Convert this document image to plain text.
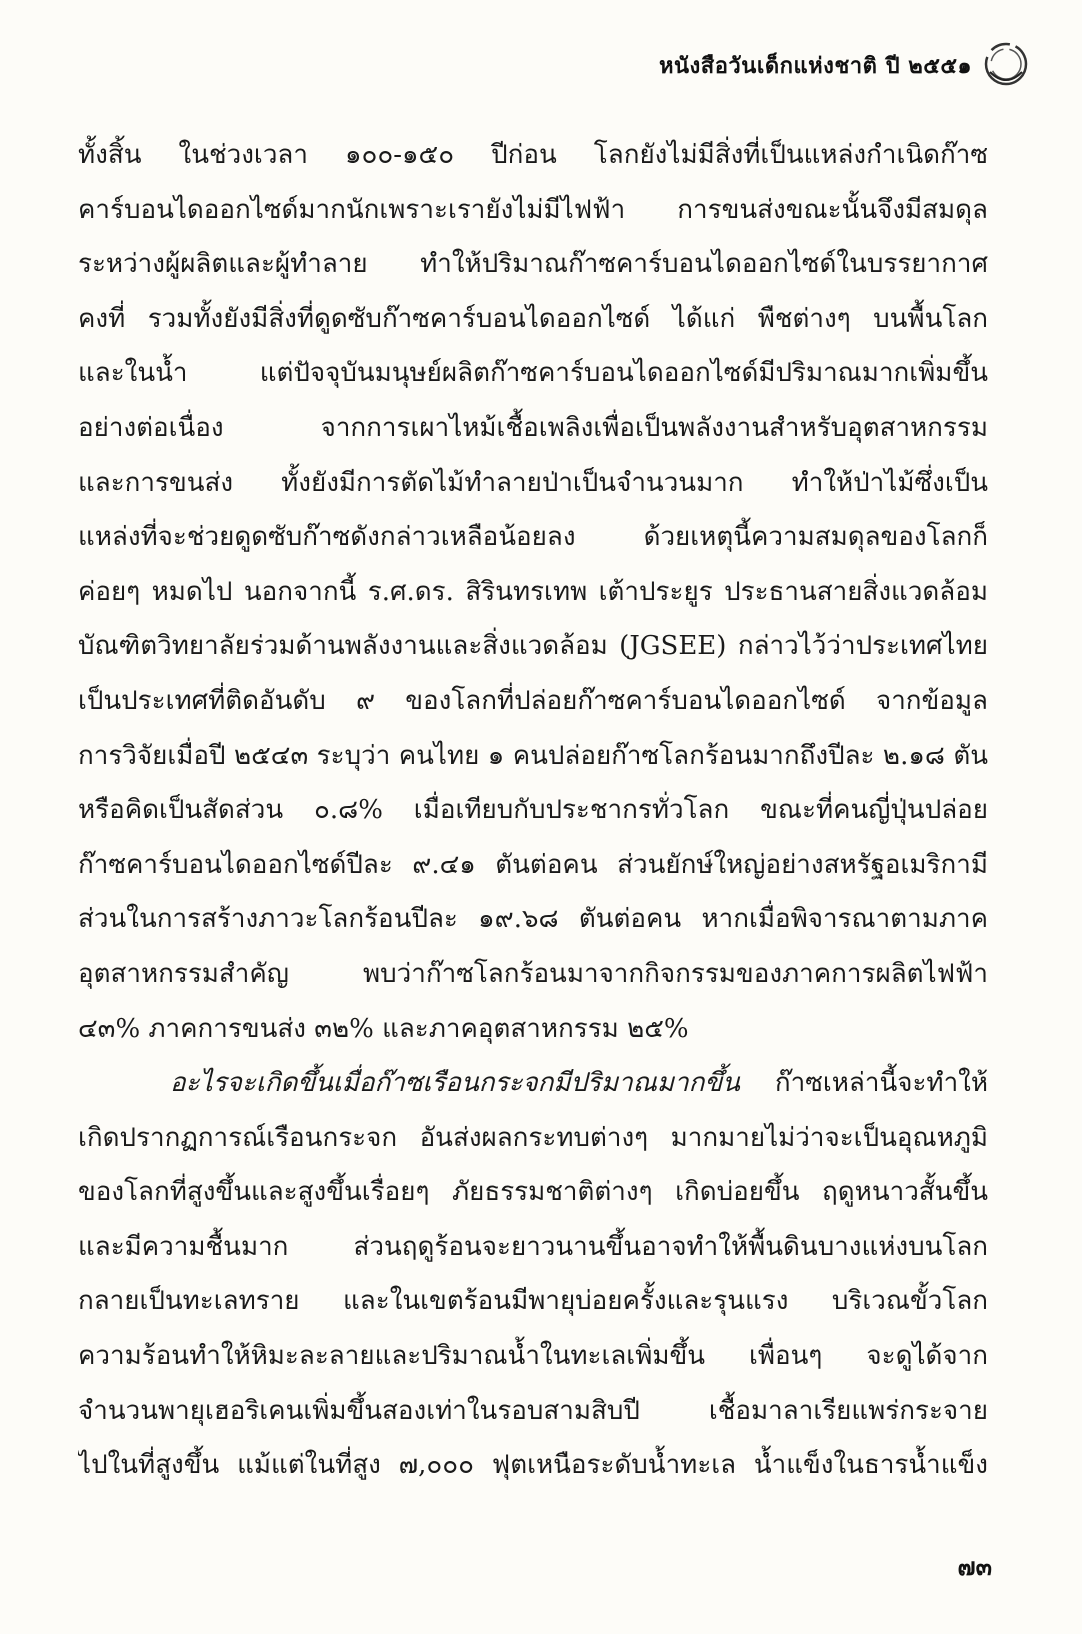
หนังสือวันเด็กแห่งชาติ ปี ๒๕๕๑
ทั้งสิ้น ในช่วงเวลา ๑๐๐-๑๕๐ ปีก่อน โลกยังไม่มีสิ่งที่เป็นแหล่งกำเนิดก๊าซ
คาร์บอนไดออกไซด์มากนักเพราะเรายังไม่มีไฟฟ้า การขนส่งขณะนั้นจึงมีสมดุล
ระหว่างผู้ผลิตและผู้ทำลาย ทำให้ปริมาณก๊าซคาร์บอนไดออกไซด์ในบรรยากาศ
คงที่ รวมทั้งยังมีสิ่งที่ดูดซับก๊าซคาร์บอนไดออกไซด์ ได้แก่ พืชต่างๆ บนพื้นโลก
และในน้ำ แต่ปัจจุบันมนุษย์ผลิตก๊าซคาร์บอนไดออกไซด์มีปริมาณมากเพิ่มขึ้น
อย่างต่อเนื่อง จากการเผาไหม้เชื้อเพลิงเพื่อเป็นพลังงานสำหรับอุตสาหกรรม
และการขนส่ง ทั้งยังมีการตัดไม้ทำลายป่าเป็นจำนวนมาก ทำให้ป่าไม้ซึ่งเป็น
แหล่งที่จะช่วยดูดซับก๊าซดังกล่าวเหลือน้อยลง ด้วยเหตุนี้ความสมดุลของโลกก็
ค่อยๆ หมดไป นอกจากนี้ ร.ศ.ดร. สิรินทรเทพ เต้าประยูร ประธานสายสิ่งแวดล้อม
บัณฑิตวิทยาลัยร่วมด้านพลังงานและสิ่งแวดล้อม (JGSEE) กล่าวไว้ว่าประเทศไทย
เป็นประเทศที่ติดอันดับ ๙ ของโลกที่ปล่อยก๊าซคาร์บอนไดออกไซด์ จากข้อมูล
การวิจัยเมื่อปี ๒๕๔๓ ระบุว่า คนไทย ๑ คนปล่อยก๊าซโลกร้อนมากถึงปีละ ๒.๑๘ ตัน
หรือคิดเป็นสัดส่วน ๐.๘% เมื่อเทียบกับประชากรทั่วโลก ขณะที่คนญี่ปุ่นปล่อย
ก๊าซคาร์บอนไดออกไซด์ปีละ ๙.๔๑ ตันต่อคน ส่วนยักษ์ใหญ่อย่างสหรัฐอเมริกามี
ส่วนในการสร้างภาวะโลกร้อนปีละ ๑๙.๖๘ ตันต่อคน หากเมื่อพิจารณาตามภาค
อุตสาหกรรมสำคัญ พบว่าก๊าซโลกร้อนมาจากกิจกรรมของภาคการผลิตไฟฟ้า
๔๓% ภาคการขนส่ง ๓๒% และภาคอุตสาหกรรม ๒๕%
อะไรจะเกิดขึ้นเมื่อก๊าซเรือนกระจกมีปริมาณมากขึ้น ก๊าซเหล่านี้จะทำให้
เกิดปรากฏการณ์เรือนกระจก อันส่งผลกระทบต่างๆ มากมายไม่ว่าจะเป็นอุณหภูมิ
ของโลกที่สูงขึ้นและสูงขึ้นเรื่อยๆ ภัยธรรมชาติต่างๆ เกิดบ่อยขึ้น ฤดูหนาวสั้นขึ้น
และมีความชื้นมาก ส่วนฤดูร้อนจะยาวนานขึ้นอาจทำให้พื้นดินบางแห่งบนโลก
กลายเป็นทะเลทราย และในเขตร้อนมีพายุบ่อยครั้งและรุนแรง บริเวณขั้วโลก
ความร้อนทำให้หิมะละลายและปริมาณน้ำในทะเลเพิ่มขึ้น เพื่อนๆ จะดูได้จาก
จำนวนพายุเฮอริเคนเพิ่มขึ้นสองเท่าในรอบสามสิบปี เชื้อมาลาเรียแพร่กระจาย
ไปในที่สูงขึ้น แม้แต่ในที่สูง ๗,๐๐๐ ฟุตเหนือระดับน้ำทะเล น้ำแข็งในธารน้ำแข็ง
๗๓
